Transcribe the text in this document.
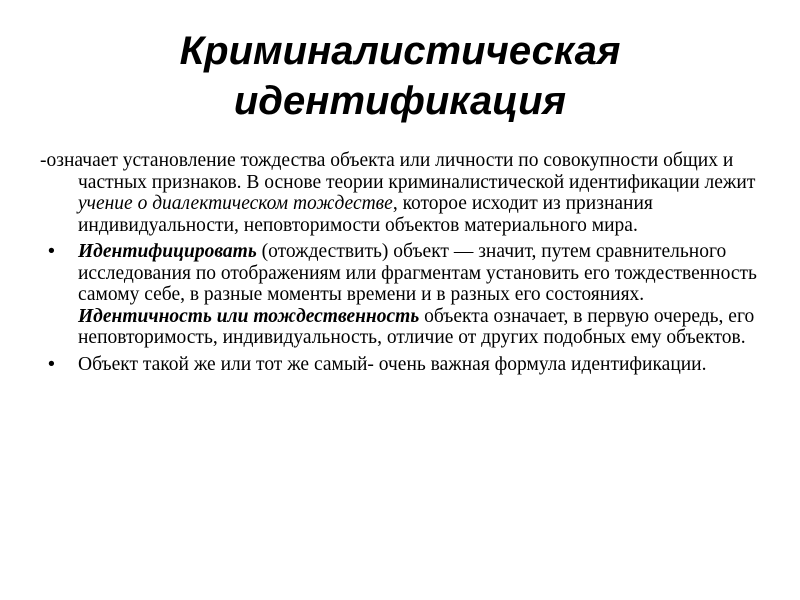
Криминалистическая
идентификация

-означает установление тождества объекта или личности по совокупности общих и частных признаков. В основе теории криминалистической идентификации лежит учение о диалектическом тождестве, которое исходит из признания индивидуальности, неповторимости объектов материального мира.

• Идентифицировать (отождествить) объект — значит, путем сравнительного исследования по отображениям или фрагментам установить его тождественность самому себе, в разные моменты времени и в разных его состояниях. Идентичность или тождественность объекта означает, в первую очередь, его неповторимость, индивидуальность, отличие от других подобных ему объектов.

• Объект такой же или тот же самый- очень важная формула идентификации.
